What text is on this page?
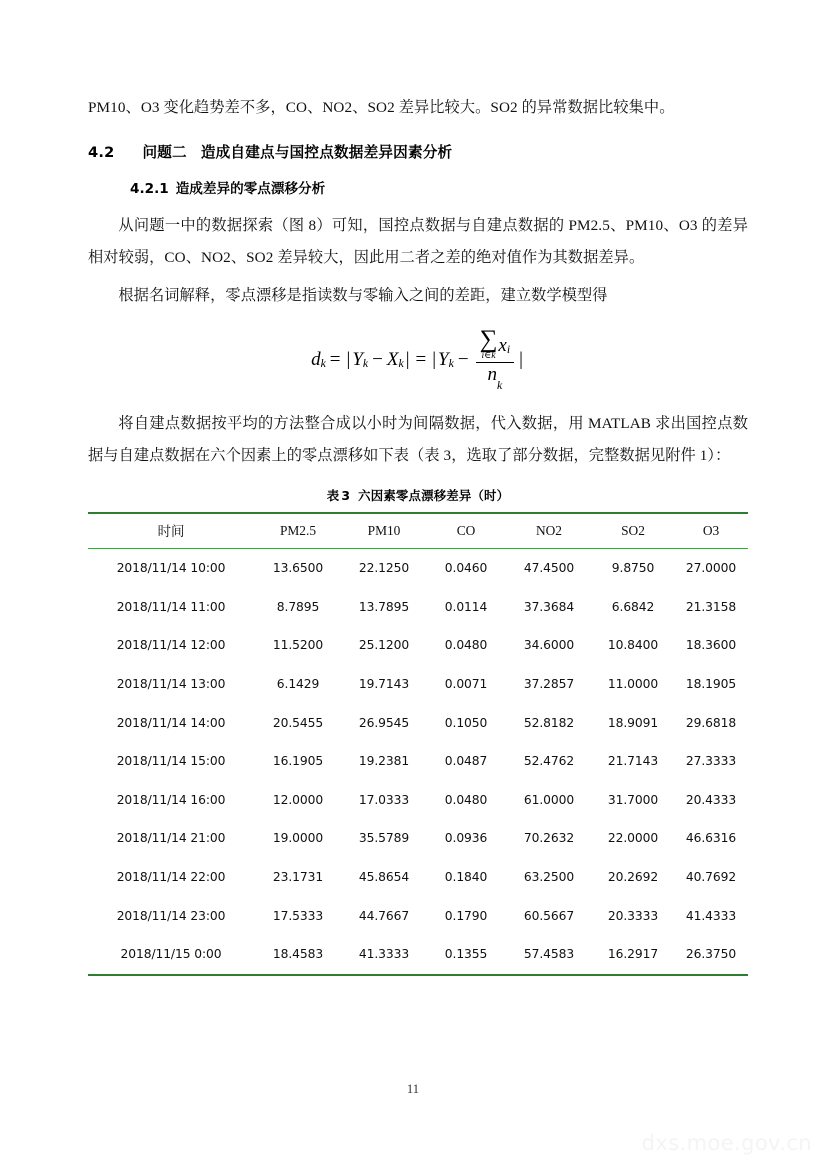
PM10、O3 变化趋势差不多，CO、NO2、SO2 差异比较大。SO2 的异常数据比较集中。

4.2 问题二 造成自建点与国控点数据差异因素分析
4.2.1 造成差异的零点漂移分析

从问题一中的数据探索（图 8）可知，国控点数据与自建点数据的 PM2.5、PM10、O3 的差异相对较弱，CO、NO2、SO2 差异较大，因此用二者之差的绝对值作为其数据差异。

根据名词解释，零点漂移是指读数与零输入之间的差距，建立数学模型得

d k = | Y k − X k | = | Y k − ∑
i∈k x i
$n_k$ |

将自建点数据按平均的方法整合成以小时为间隔数据，代入数据，用 MATLAB 求出国控点数据与自建点数据在六个因素上的零点漂移如下表（表 3，选取了部分数据，完整数据见附件 1）：

表 3 六因素零点漂移差异（时）
时间	PM2.5	PM10	CO	NO2	SO2	O3
2018/11/14 10:00	13.6500	22.1250	0.0460	47.4500	9.8750	27.0000
2018/11/14 11:00	8.7895	13.7895	0.0114	37.3684	6.6842	21.3158
2018/11/14 12:00	11.5200	25.1200	0.0480	34.6000	10.8400	18.3600
2018/11/14 13:00	6.1429	19.7143	0.0071	37.2857	11.0000	18.1905
2018/11/14 14:00	20.5455	26.9545	0.1050	52.8182	18.9091	29.6818
2018/11/14 15:00	16.1905	19.2381	0.0487	52.4762	21.7143	27.3333
2018/11/14 16:00	12.0000	17.0333	0.0480	61.0000	31.7000	20.4333
2018/11/14 21:00	19.0000	35.5789	0.0936	70.2632	22.0000	46.6316
2018/11/14 22:00	23.1731	45.8654	0.1840	63.2500	20.2692	40.7692
2018/11/14 23:00	17.5333	44.7667	0.1790	60.5667	20.3333	41.4333
2018/11/15 0:00	18.4583	41.3333	0.1355	57.4583	16.2917	26.3750
11
dxs.moe.gov.cn
